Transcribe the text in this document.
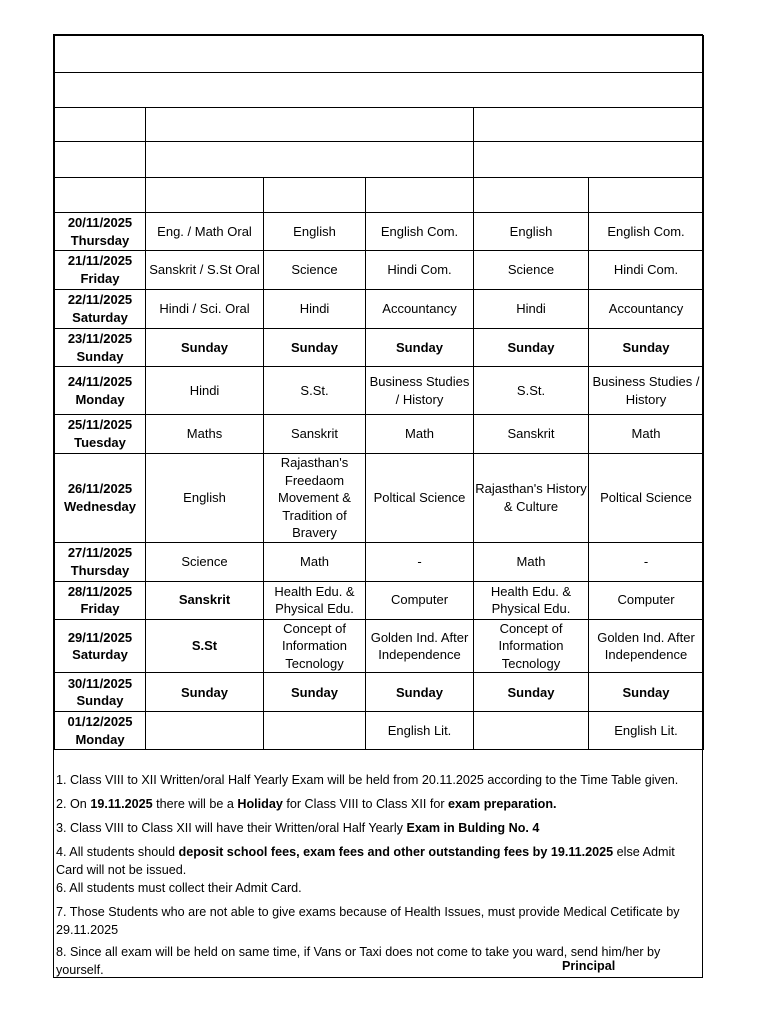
20/11/2025
Thursday	Eng. / Math Oral	English	English Com.	English	English Com.

21/11/2025
Friday	Sanskrit / S.St Oral	Science	Hindi Com.	Science	Hindi Com.

22/11/2025
Saturday	Hindi / Sci. Oral	Hindi	Accountancy	Hindi	Accountancy

23/11/2025
Sunday	Sunday	Sunday	Sunday	Sunday	Sunday

24/11/2025
Monday	Hindi	S.St.	Business Studies / History	S.St.	Business Studies / History

25/11/2025
Tuesday	Maths	Sanskrit	Math	Sanskrit	Math

26/11/2025
Wednesday	English	Rajasthan's Freedaom Movement & Tradition of Bravery	Poltical Science	Rajasthan's History & Culture	Poltical Science

27/11/2025
Thursday	Science	Math	-	Math	-

28/11/2025
Friday	Sanskrit	Health Edu. & Physical Edu.	Computer	Health Edu. & Physical Edu.	Computer

29/11/2025
Saturday	S.St	Concept of Information Tecnology	Golden Ind. After Independence	Concept of Information Tecnology	Golden Ind. After Independence

30/11/2025
Sunday	Sunday	Sunday	Sunday	Sunday	Sunday

01/12/2025
Monday			English Lit.		English Lit.
1. Class VIII to XII Written/oral Half Yearly Exam will be held from 20.11.2025 according to the Time Table given.
2. On 19.11.2025 there will be a Holiday for Class VIII to Class XII for exam preparation.
3. Class VIII to Class XII will have their Written/oral Half Yearly Exam in Bulding No. 4
4. All students should deposit school fees, exam fees and other outstanding fees by 19.11.2025 else Admit Card will not be issued.
6. All students must collect their Admit Card.
7. Those Students who are not able to give exams because of Health Issues, must provide Medical Cetificate by 29.11.2025
8. Since all exam will be held on same time, if Vans or Taxi does not come to take you ward, send him/her by yourself.	Principal
